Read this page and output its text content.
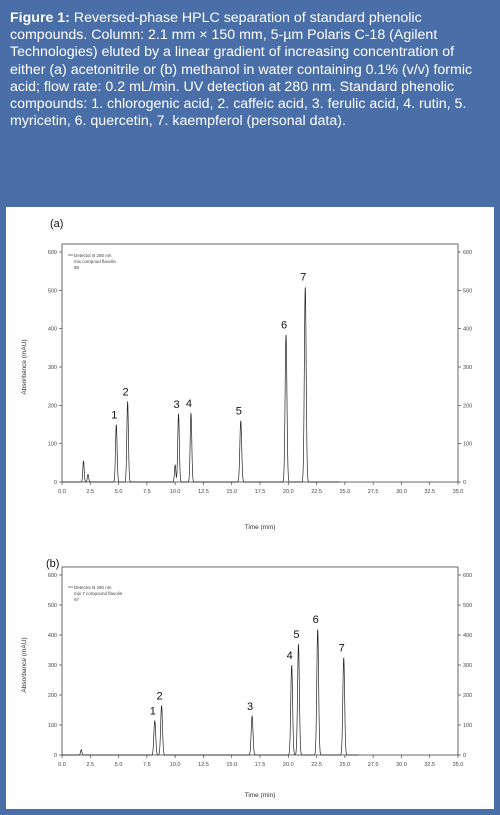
Figure 1: Reversed-phase HPLC separation of standard phenolic compounds. Column: 2.1 mm × 150 mm, 5-µm Polaris C-18 (Agilent Technologies) eluted by a linear gradient of increasing concentration of either (a) acetonitrile or (b) methanol in water containing 0.1% (v/v) formic acid; flow rate: 0.2 mL/min. UV detection at 280 nm. Standard phenolic compounds: 1. chlorogenic acid, 2. caffeic acid, 3. ferulic acid, 4. rutin, 5. myricetin, 6. quercetin, 7. kaempferol (personal data).
(a)
0
100
200
300
400
500
600
0
100
200
300
400
500
600
0.0	2.5	5.0	7.5	10.0	12.5	15.0	17.5	20.0	22.5	25.0	27.5	30.0	32.5	35.0
Time (min)
Absorbance (mAU)
Detector B 280 nm
mix compoud flavolin
88
1
2
3 4
5
6
7
(b)
0
100
200
300
400
500
600
0
100
200
300
400
500
600
0.0	2.5	5.0	7.5	10.0	12.5	15.0	17.5	20.0	22.5	25.0	27.5	30.0	32.5	35.0
Time (min)
Absorbance (mAU)
Detector B 280 nm
mix 7 compound flavolin
97
1
2
3
4
5
6
7
